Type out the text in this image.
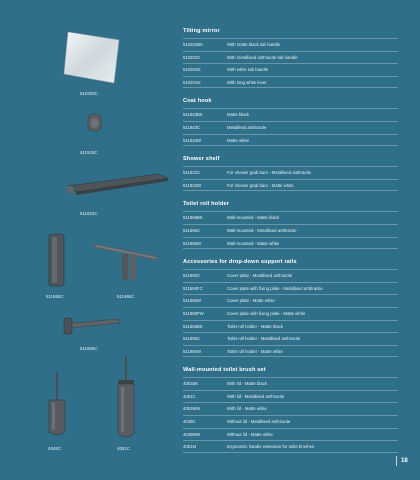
510202C
511943C
511922C
511950C	511965C
511966C
4048C	4051C
Tilting mirror
510202BK	With matte black tab handle
510202C	With metallised anthracite tab handle
510202N	With white tab handle
510201N	With long white lever
Coat hook
511943BK	Matte black
511943C	Metallised anthracite
511943W	Matte white
Shower shelf
511922C	For shower grab bars - Metallised anthracite
511922W	For shower grab bars - Matte white
Toilet roll holder
511966BK	Wall-mounted - Matte black
511966C	Wall-mounted - Metallised anthracite
511966W	Wall-mounted - Matte white
Accessories for drop-down support rails
511950C	Cover plate - Metallised anthracite
511950FC	Cover plate with fixing plate - Metallised anthracite
511950W	Cover plate - Matte white
511950FW	Cover plate with fixing plate - Matte white
511965BK	Toilet roll holder - Matte black
511965C	Toilet roll holder - Metallised anthracite
511965W	Toilet roll holder - Matte white
Wall-mounted toilet brush set
4051BK	With lid - Matte black
4051C	With lid - Metallised anthracite
4051MW	With lid - Matte white
4048C	Without lid - Metallised anthracite
4048MW	Without lid - Matte white
4051M	Ergonomic handle extension for toilet brushes
18
